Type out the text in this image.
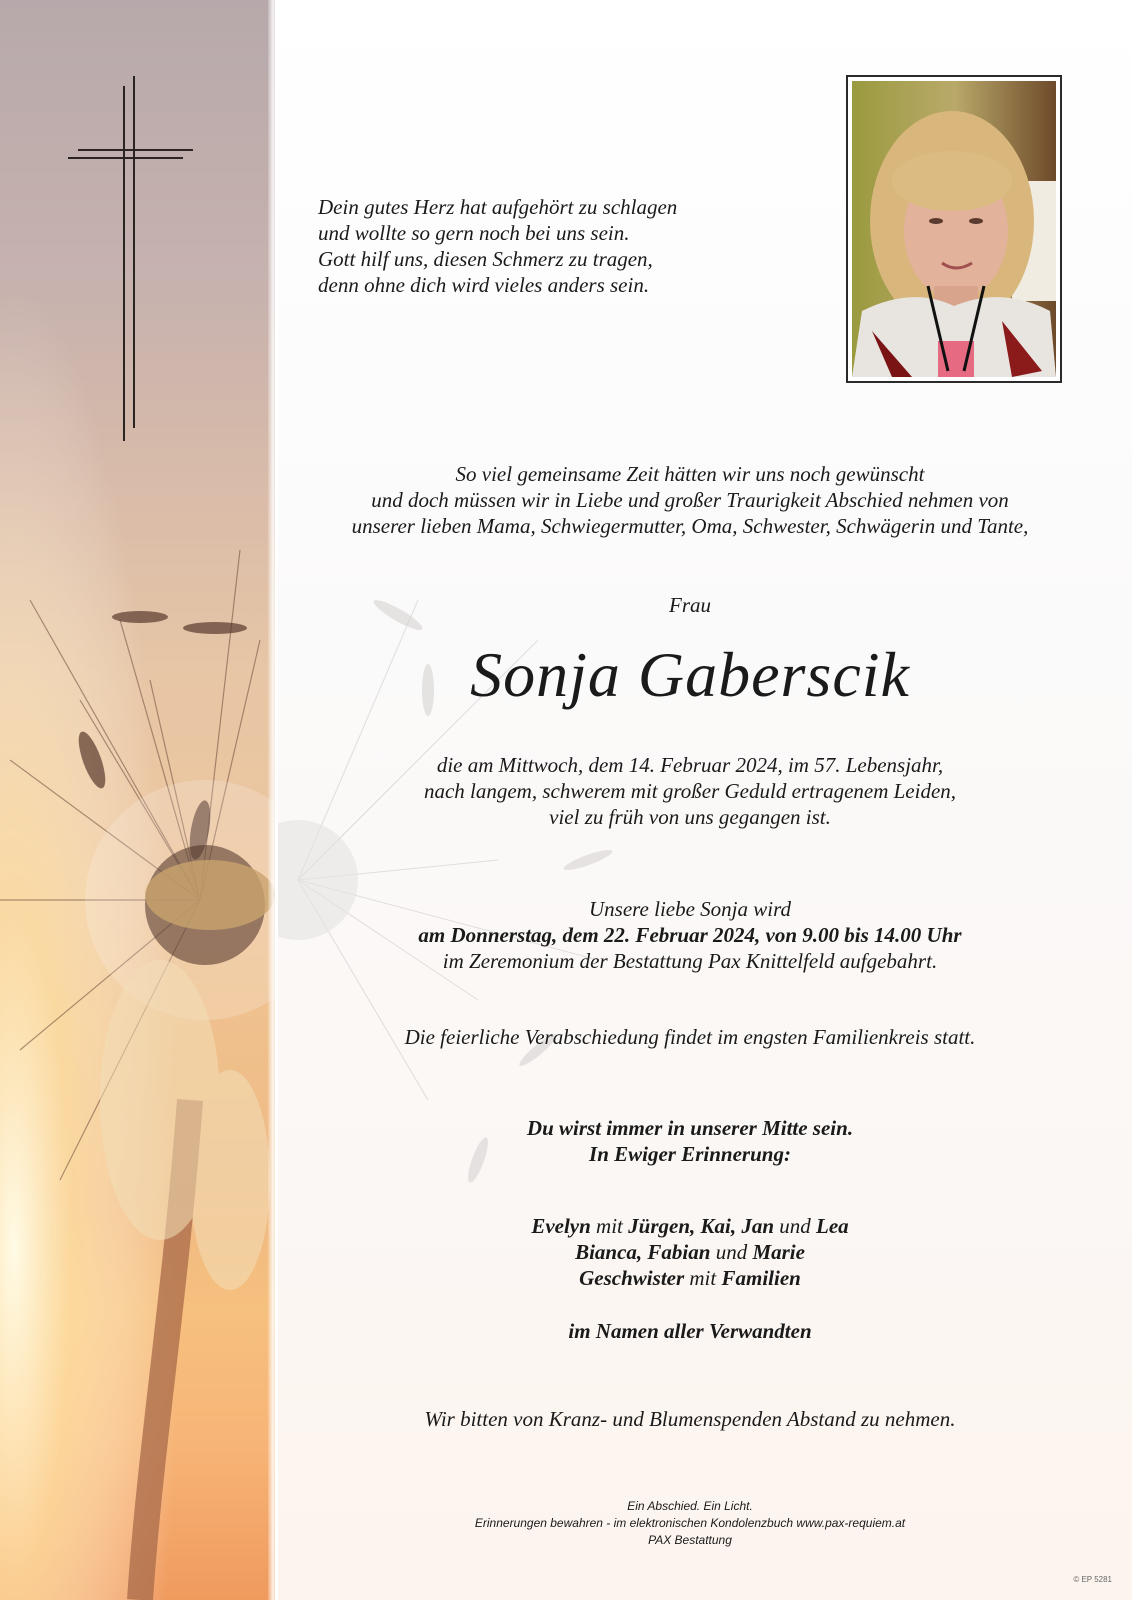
Dein gutes Herz hat aufgehört zu schlagen
und wollte so gern noch bei uns sein.
Gott hilf uns, diesen Schmerz zu tragen,
denn ohne dich wird vieles anders sein.
So viel gemeinsame Zeit hätten wir uns noch gewünscht
und doch müssen wir in Liebe und großer Traurigkeit Abschied nehmen von
unserer lieben Mama, Schwiegermutter, Oma, Schwester, Schwägerin und Tante,
Frau
Sonja Gaberscik
die am Mittwoch, dem 14. Februar 2024, im 57. Lebensjahr,
nach langem, schwerem mit großer Geduld ertragenem Leiden,
viel zu früh von uns gegangen ist.
Unsere liebe Sonja wird
am Donnerstag, dem 22. Februar 2024, von 9.00 bis 14.00 Uhr
im Zeremonium der Bestattung Pax Knittelfeld aufgebahrt.
Die feierliche Verabschiedung findet im engsten Familienkreis statt.
Du wirst immer in unserer Mitte sein.
In Ewiger Erinnerung:
Evelyn mit Jürgen, Kai, Jan und Lea
Bianca, Fabian und Marie
Geschwister mit Familien
im Namen aller Verwandten
Wir bitten von Kranz- und Blumenspenden Abstand zu nehmen.
Ein Abschied. Ein Licht.
Erinnerungen bewahren - im elektronischen Kondolenzbuch www.pax-requiem.at
PAX Bestattung
© EP 5281
